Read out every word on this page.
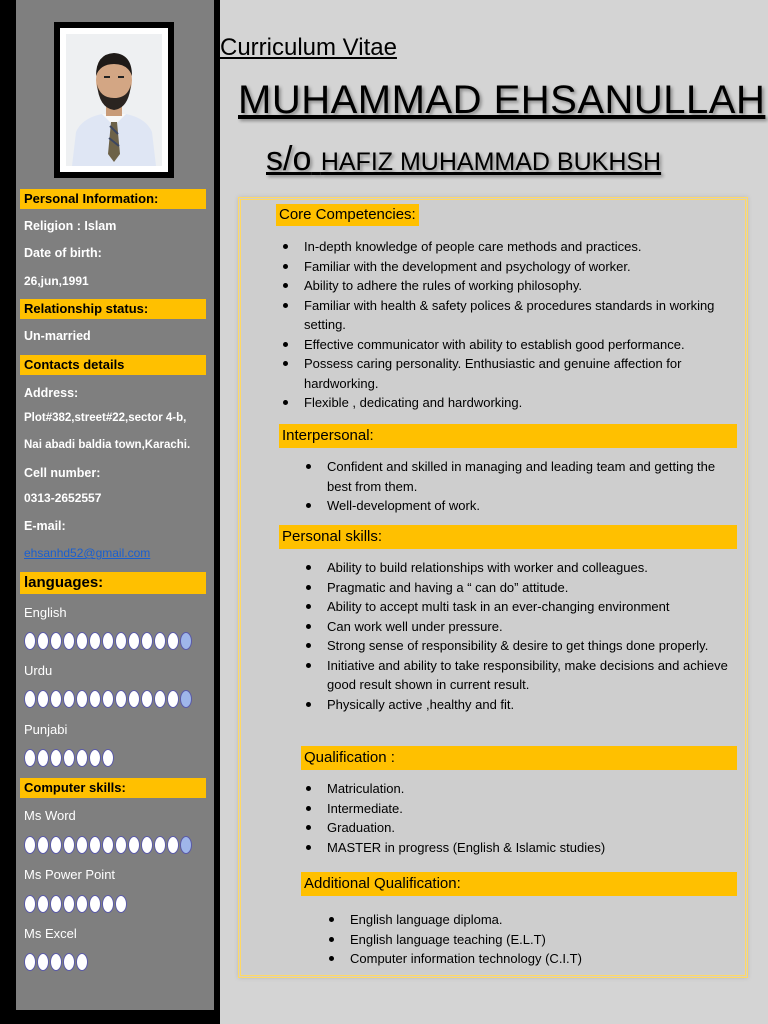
Personal Information:
Religion : Islam
Date of birth:
26,jun,1991
Relationship status:
Un-married
Contacts details
Address:
Plot#382,street#22,sector 4-b,
Nai abadi baldia town,Karachi.
Cell number:
0313-2652557
E-mail:
ehsanhd52@gmail.com
languages:
English
Urdu
Punjabi
Computer skills:
Ms Word
Ms Power Point
Ms Excel
Curriculum Vitae
MUHAMMAD EHSANULLAH
s/o HAFIZ MUHAMMAD BUKHSH
Core Competencies:
In-depth knowledge of people care methods and practices.
Familiar with the development and psychology of worker.
Ability to adhere the rules of working philosophy.
Familiar with health & safety polices & procedures standards in working setting.
Effective communicator with ability to establish good performance.
Possess caring personality. Enthusiastic and genuine affection for hardworking.
Flexible , dedicating and hardworking.
Interpersonal:
Confident and skilled in managing and leading team and getting the best from them.
Well-development of work.
Personal skills:
Ability to build relationships with worker and colleagues.
Pragmatic and having a “ can do” attitude.
Ability to accept multi task in an ever-changing environment
Can work well under pressure.
Strong sense of responsibility & desire to get things done properly.
Initiative and ability to take responsibility, make decisions and achieve good result shown in current result.
Physically active ,healthy and fit.
Qualification :
Matriculation.
Intermediate.
Graduation.
MASTER in progress (English & Islamic studies)
Additional Qualification:
English language diploma.
English language teaching (E.L.T)
Computer information technology (C.I.T)
